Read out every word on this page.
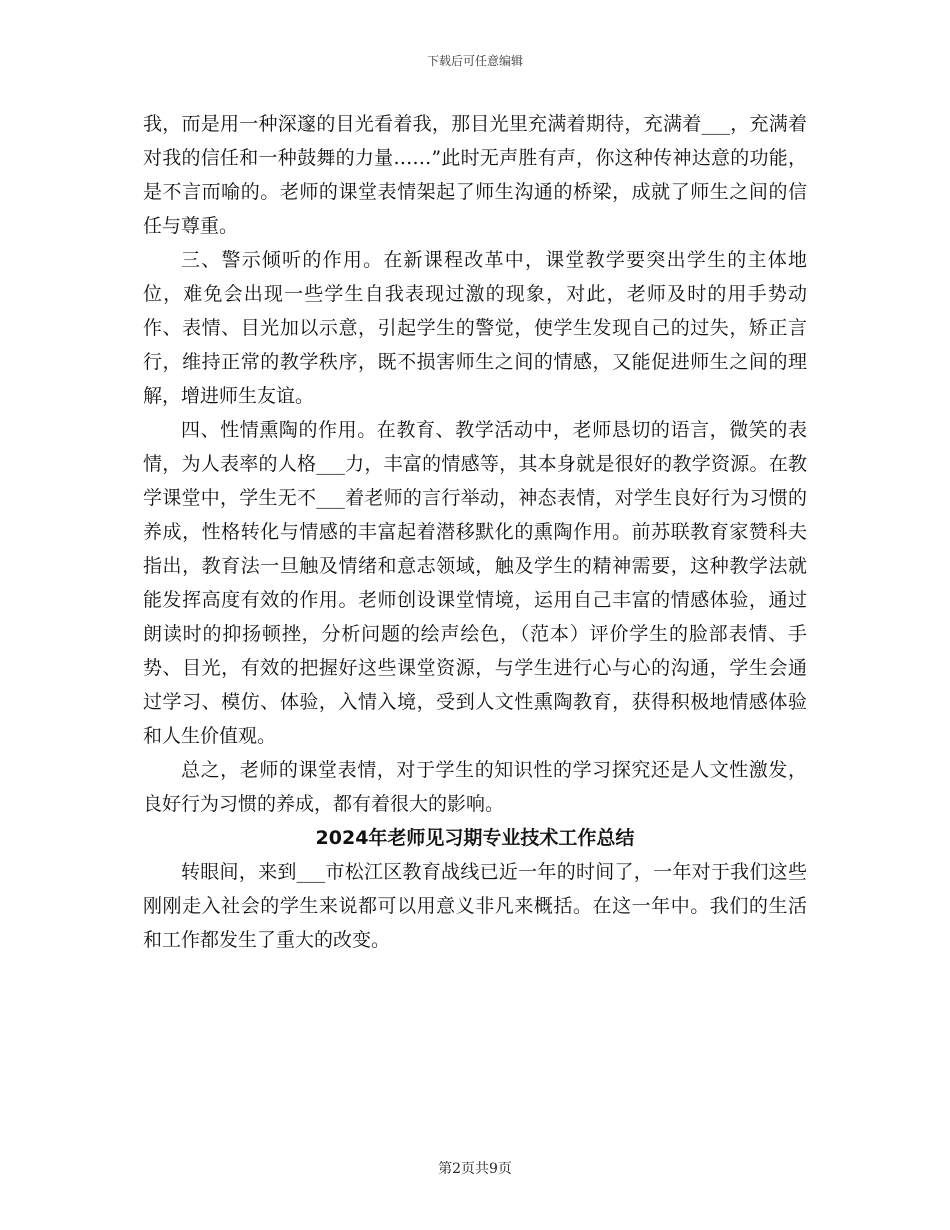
下载后可任意编辑

我，而是用一种深邃的目光看着我，那目光里充满着期待，充满着___，充满着对我的信任和一种鼓舞的力量……”此时无声胜有声，你这种传神达意的功能，是不言而喻的。老师的课堂表情架起了师生沟通的桥梁，成就了师生之间的信任与尊重。

三、警示倾听的作用。在新课程改革中，课堂教学要突出学生的主体地位，难免会出现一些学生自我表现过激的现象，对此，老师及时的用手势动作、表情、目光加以示意，引起学生的警觉，使学生发现自己的过失，矫正言行，维持正常的教学秩序，既不损害师生之间的情感，又能促进师生之间的理解，增进师生友谊。

四、性情熏陶的作用。在教育、教学活动中，老师恳切的语言，微笑的表情，为人表率的人格___力，丰富的情感等，其本身就是很好的教学资源。在教学课堂中，学生无不___着老师的言行举动，神态表情，对学生良好行为习惯的养成，性格转化与情感的丰富起着潜移默化的熏陶作用。前苏联教育家赞科夫指出，教育法一旦触及情绪和意志领域，触及学生的精神需要，这种教学法就能发挥高度有效的作用。老师创设课堂情境，运用自己丰富的情感体验，通过朗读时的抑扬顿挫，分析问题的绘声绘色，（范本）评价学生的脸部表情、手势、目光，有效的把握好这些课堂资源，与学生进行心与心的沟通，学生会通过学习、模仿、体验，入情入境，受到人文性熏陶教育，获得积极地情感体验和人生价值观。

总之，老师的课堂表情，对于学生的知识性的学习探究还是人文性激发，良好行为习惯的养成，都有着很大的影响。

2024年老师见习期专业技术工作总结

转眼间，来到___市松江区教育战线已近一年的时间了，一年对于我们这些刚刚走入社会的学生来说都可以用意义非凡来概括。在这一年中。我们的生活和工作都发生了重大的改变。

第2页共9页
